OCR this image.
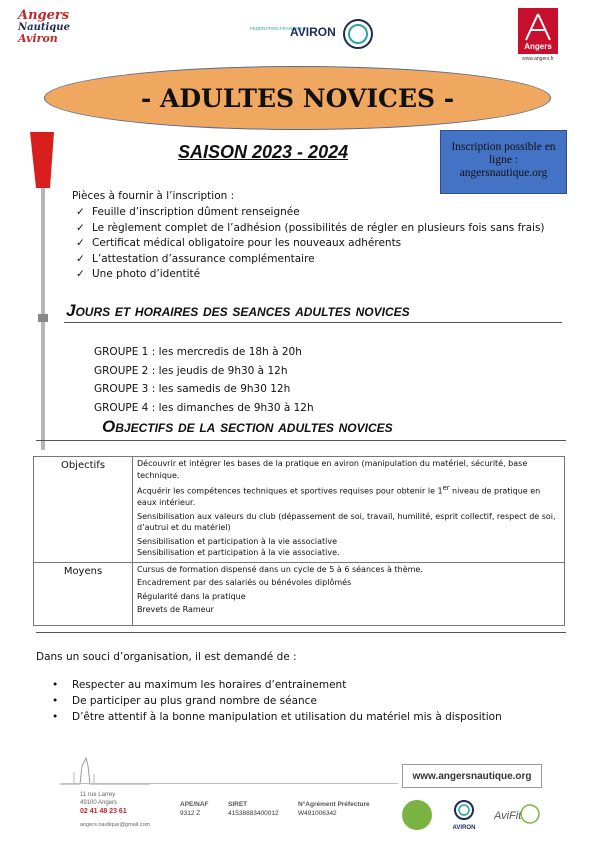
Angers
Nautique
Aviron
FÉDÉRATION FRANÇAISE
AVIRON
Angers
www.angers.fr
- ADULTES NOVICES -
SAISON 2023 - 2024	Inscription possible en
ligne :
angersnautique.org
Pièces à fournir à l’inscription :
✓ Feuille d’inscription dûment renseignée
✓ Le règlement complet de l’adhésion (possibilités de régler en plusieurs fois sans frais)
✓ Certificat médical obligatoire pour les nouveaux adhérents
✓ L’attestation d’assurance complémentaire
✓ Une photo d’identité
Jours et horaires des seances adultes novices
GROUPE 1 : les mercredis de 18h à 20h
GROUPE 2 : les jeudis de 9h30 à 12h
GROUPE 3 : les samedis de 9h30 12h
GROUPE 4 : les dimanches de 9h30 à 12h
Objectifs de la section adultes novices
Objectifs	Découvrir et intégrer les bases de la pratique en aviron (manipulation du matériel, sécurité, base technique.

Acquérir les compétences techniques et sportives requises pour obtenir le 1er niveau de pratique en eaux intérieur.

Sensibilisation aux valeurs du club (dépassement de soi, travail, humilité, esprit collectif, respect de soi, d’autrui et du matériel)

Sensibilisation et participation à la vie associative

Sensibilisation et participation à la vie associative.

Moyens	Cursus de formation dispensé dans un cycle de 5 à 6 séances à thème.

Encadrement par des salariés ou bénévoles diplômés

Régularité dans la pratique

Brevets de Rameur

Dans un souci d’organisation, il est demandé de :
• Respecter au maximum les horaires d’entrainement
• De participer au plus grand nombre de séance
• D’être attentif à la bonne manipulation et utilisation du matériel mis à disposition
www.angersnautique.org
11 rue Larrey
49100 Angers
02 41 48 23 61
angers.nautique@gmail.com
APE/NAF
9312 Z
SIRET
41538883400012
N°Agrément Préfecture
W491006342
AVIRON
AviFit
